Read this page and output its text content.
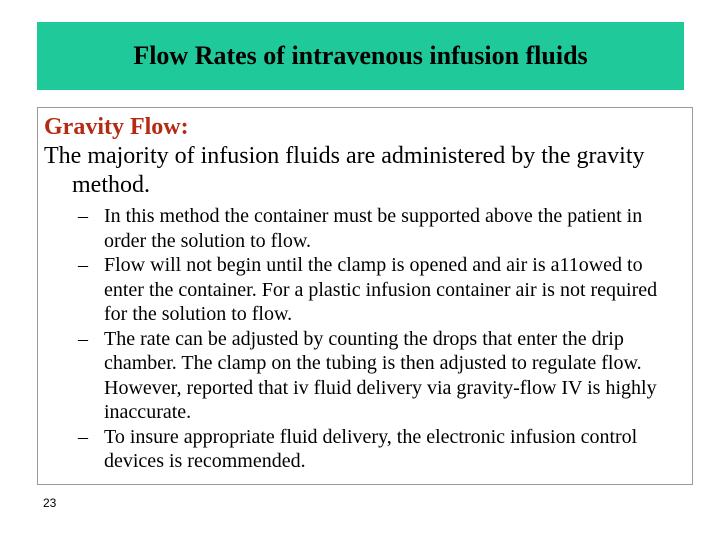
Flow Rates of intravenous infusion fluids
Gravity Flow:

The majority of infusion fluids are administered by the gravity method.

– In this method the container must be supported above the patient in order the solution to flow.
– Flow will not begin until the clamp is opened and air is a11owed to enter the container. For a plastic infusion container air is not required for the solution to flow.
– The rate can be adjusted by counting the drops that enter the drip chamber. The clamp on the tubing is then adjusted to regulate flow. However, reported that iv fluid delivery via gravity-flow IV is highly inaccurate.
– To insure appropriate fluid delivery, the electronic infusion control devices is recommended.
23
